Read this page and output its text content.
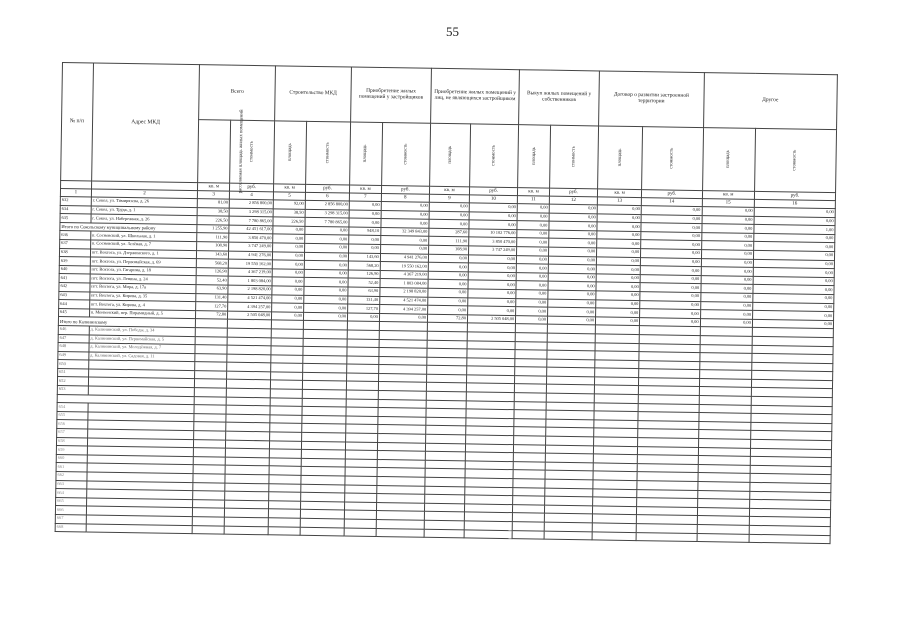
55
№ п/п	Адрес МКД	Всего		Строительство МКД		Приобретение жилых помещений у застройщиков		Приобретение жилых помещений у лиц, не являющихся застройщиком		Выкуп жилых помещений у собственников		Договор о развитии застроенной территории		Другое	
		расселяемая площадь жилых помещений	стоимость	площадь	стоимость	площадь	стоимость	площадь	стоимость	площадь	стоимость	площадь	стоимость	площадь	стоимость
		кв. м	руб.	кв. м	руб.	кв. м	руб.	кв. м	руб.	кв. м	руб.	кв. м	руб.	кв. м	руб.
1	2	3	4	5	6	7	8	9	10	11	12	13	14	15	16
632	г. Сокол, ул. Тимирязева, д. 26	81,00	2 856 800,00	92,00	2 856 800,00	0,00	0,00	0,00	0,00	0,00	0,00	0,00	0,00	0,00	0,00
634	г. Сокол, ул. Труда, д. 1	38,50	3 298 315,00	38,50	3 298 315,00	0,00	0,00	0,00	0,00	0,00	0,00	0,00	0,00	0,00	0,00
635	г. Сокол, ул. Набережная, д. 26	226,50	7 780 865,00	226,50	7 780 865,00	0,00	0,00	0,00	0,00	0,00	0,00	0,00	0,00	0,00	1,00
Итого по Сокольскому муниципальному району		1 255,90	42 451 617,00	0,00	0,00	948,10	32 349 843,00	287,60	10 102 776,00	0,00	0,00	0,00	0,00	0,00	0,00
636	п. Сосновский, ул. Школьная, д. 1	111,90	3 850 470,00	0,00	0,00	0,00	0,00	111,90	3 850 470,00	0,00	0,00	0,00	0,00	0,00	0,00
637	п. Сосновский, ул. Зелёная, д. 7	108,90	3 747 249,00	0,00	0,00	0,00	0,00	108,90	3 747 249,00	0,00	0,00	0,00	0,00	0,00	0,00
638	пгт. Вохтога, ул. Дзержинского, д. 1	143,60	4 941 276,00	0,00	0,00	143,60	4 941 276,00	0,00	0,00	0,00	0,00	0,00	0,00	0,00	0,00
639	пгт. Вохтога, ул. Первомайская, д. 69	568,20	19 550 162,00	0,00	0,00	568,20	19 550 162,00	0,00	0,00	0,00	0,00	0,00	0,00	0,00	0,00
640	пгт. Вохтога, ул. Гагарина, д. 18	126,90	4 367 219,00	0,00	0,00	126,90	4 367 219,00	0,00	0,00	0,00	0,00	0,00	0,00	0,00	0,00
641	пгт. Вохтога, ул. Ленина, д. 24	52,40	1 803 084,00	0,00	0,00	52,40	1 803 084,00	0,00	0,00	0,00	0,00	0,00	0,00	0,00	0,00
642	пгт. Вохтога, ул. Мира, д. 17а	63,90	2 198 820,00	0,00	0,00	63,90	2 198 820,00	0,00	0,00	0,00	0,00	0,00	0,00	0,00	0,00
643	пгт. Вохтога, ул. Кирова, д. 35	131,40	4 521 474,00	0,00	0,00	131,40	4 521 474,00	0,00	0,00	0,00	0,00	0,00	0,00	0,00	0,00
644	пгт. Вохтога, ул. Кирова, д. 4	127,70	4 394 257,00	0,00	0,00	127,70	4 394 257,00	0,00	0,00	0,00	0,00	0,00	0,00	0,00	0,00
645	п. Монзенский, пер. Пирамидный, д. 5	72,80	2 505 048,00	0,00	0,00	0,00	0,00	72,80	2 505 048,00	0,00	0,00	0,00	0,00	0,00	0,00
Итого по Калининскому															
646	д. Калининский, ул. Победы, д. 34														
647	д. Калининский, ул. Первомайская, д. 5														
648	д. Калининский, ул. Молодёжная, д. 7														
649	д. Калининский, ул. Садовая, д. 11														
650															
651															
652															
653															

654															
655															
656															
657															
658															
659															
660															
661															
662															
663															
664															
665															
666															
667															
668															
